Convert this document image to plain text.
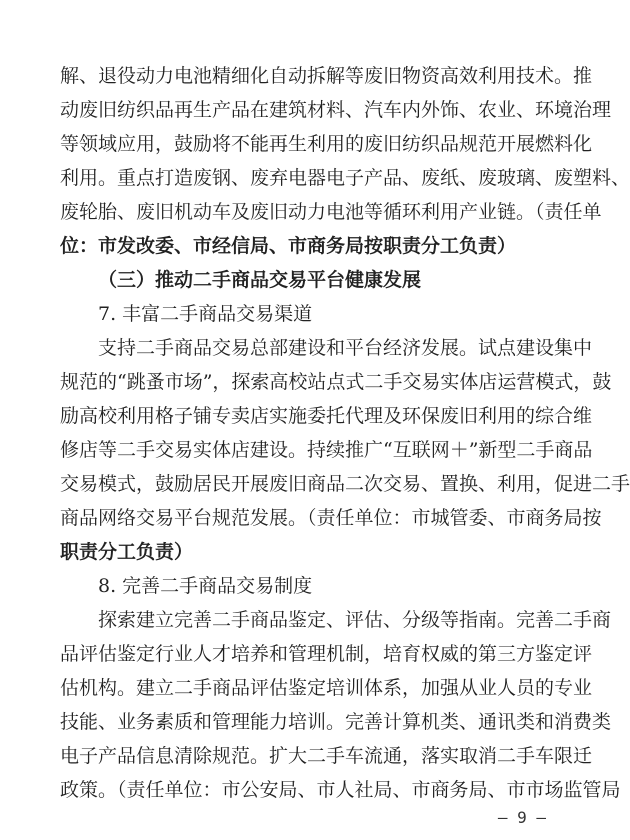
解、退役动力电池精细化自动拆解等废旧物资高效利用技术。推
动废旧纺织品再生产品在建筑材料、汽车内外饰、农业、环境治理
等领域应用，鼓励将不能再生利用的废旧纺织品规范开展燃料化
利用。重点打造废钢、废弃电器电子产品、废纸、废玻璃、废塑料、
废轮胎、废旧机动车及废旧动力电池等循环利用产业链。（责任单
位：市发改委、市经信局、市商务局按职责分工负责）
（三）推动二手商品交易平台健康发展
7. 丰富二手商品交易渠道
支持二手商品交易总部建设和平台经济发展。试点建设集中
规范的“跳蚤市场”，探索高校站点式二手交易实体店运营模式，鼓
励高校利用格子铺专卖店实施委托代理及环保废旧利用的综合维
修店等二手交易实体店建设。持续推广“互联网＋”新型二手商品
交易模式，鼓励居民开展废旧商品二次交易、置换、利用，促进二手
商品网络交易平台规范发展。（责任单位：市城管委、市商务局按
职责分工负责）
8. 完善二手商品交易制度
探索建立完善二手商品鉴定、评估、分级等指南。完善二手商
品评估鉴定行业人才培养和管理机制，培育权威的第三方鉴定评
估机构。建立二手商品评估鉴定培训体系，加强从业人员的专业
技能、业务素质和管理能力培训。完善计算机类、通讯类和消费类
电子产品信息清除规范。扩大二手车流通，落实取消二手车限迁
政策。（责任单位：市公安局、市人社局、市商务局、市市场监管局
— 9 —
